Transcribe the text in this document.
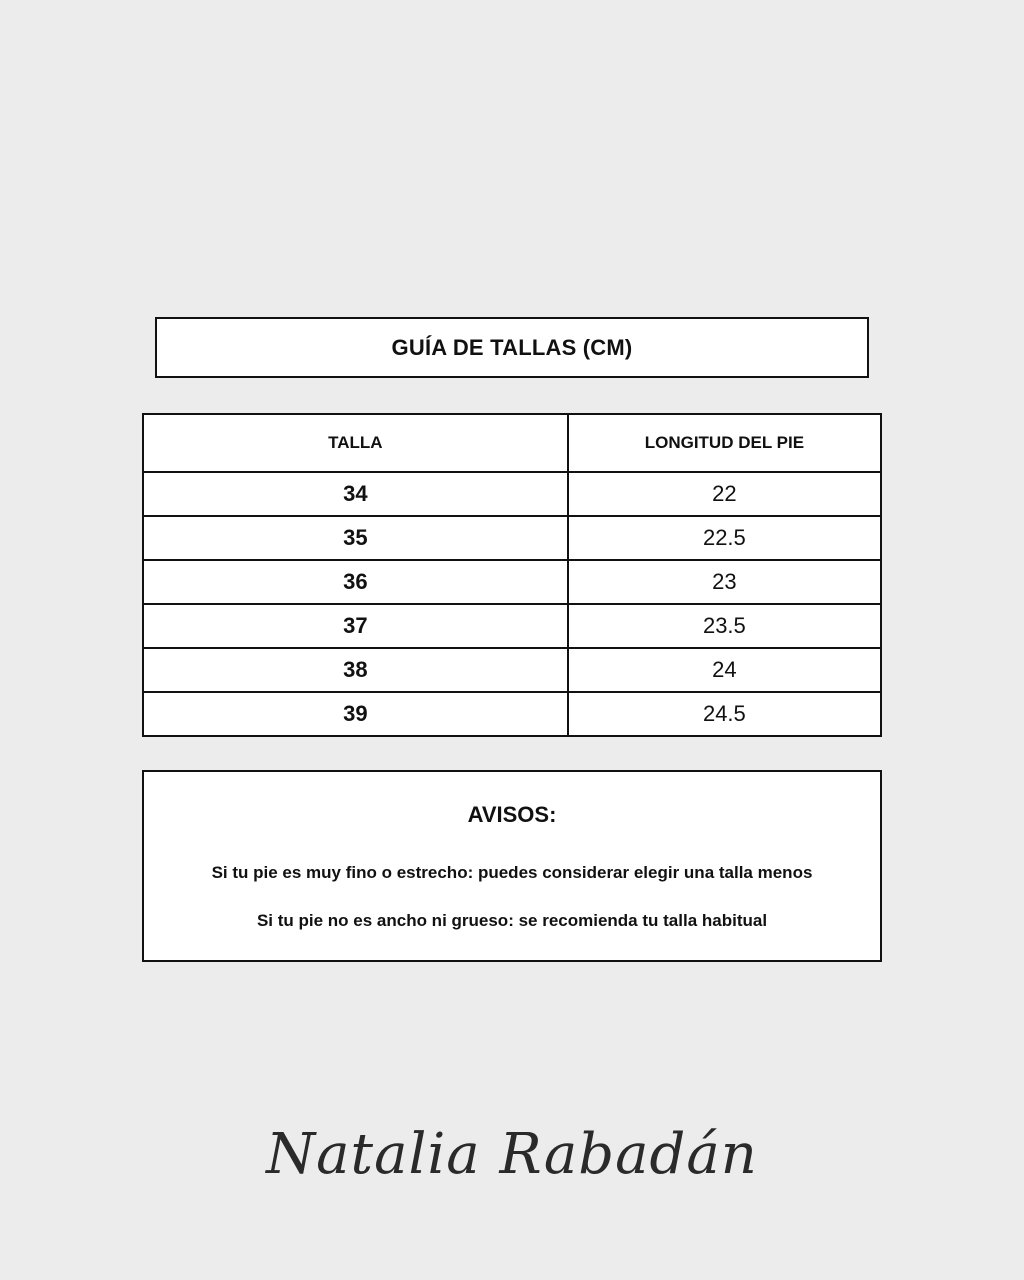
GUÍA DE TALLAS (CM)
TALLA	LONGITUD DEL PIE
34	22
35	22.5
36	23
37	23.5
38	24
39	24.5
AVISOS:
Si tu pie es muy fino o estrecho: puedes considerar elegir una talla menos
Si tu pie no es ancho ni grueso: se recomienda tu talla habitual
Natalia Rabadán
